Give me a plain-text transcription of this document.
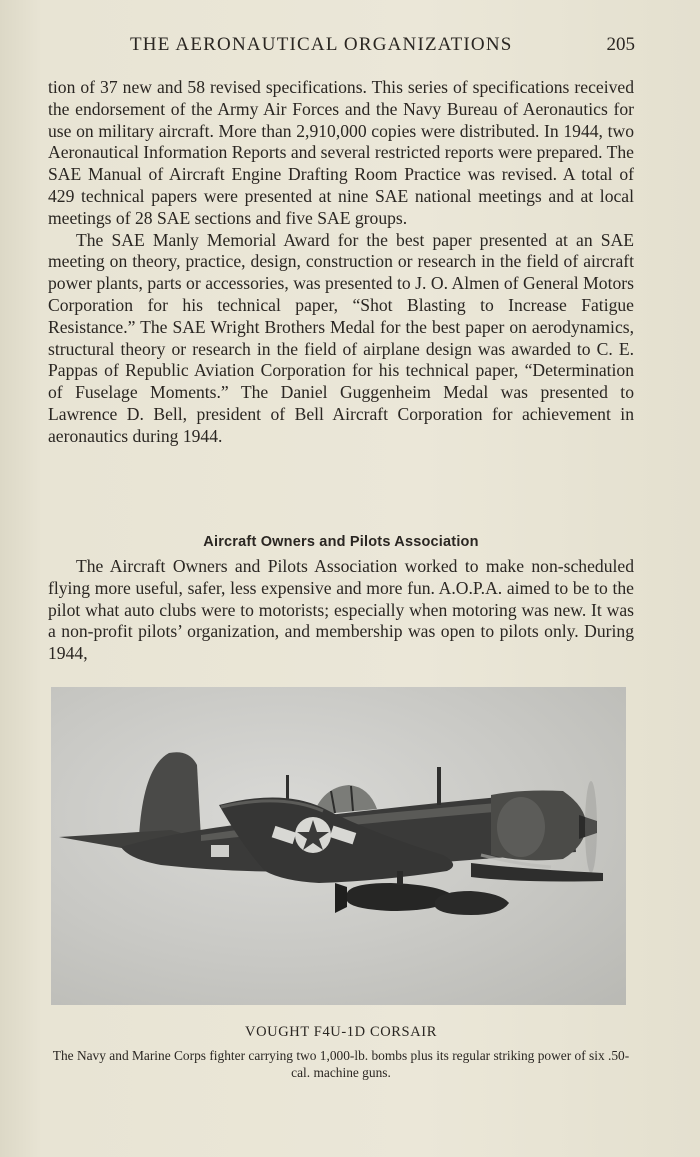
THE AERONAUTICAL ORGANIZATIONS	205

tion of 37 new and 58 revised specifications. This series of specifications received the endorsement of the Army Air Forces and the Navy Bureau of Aeronautics for use on military aircraft. More than 2,910,000 copies were distributed. In 1944, two Aeronautical Information Reports and several restricted reports were prepared. The SAE Manual of Aircraft Engine Drafting Room Practice was revised. A total of 429 technical papers were presented at nine SAE national meetings and at local meetings of 28 SAE sections and five SAE groups.

The SAE Manly Memorial Award for the best paper presented at an SAE meeting on theory, practice, design, construction or research in the field of aircraft power plants, parts or accessories, was presented to J. O. Almen of General Motors Corporation for his technical paper, “Shot Blasting to Increase Fatigue Resistance.” The SAE Wright Brothers Medal for the best paper on aerodynamics, structural theory or research in the field of airplane design was awarded to C. E. Pappas of Republic Aviation Corporation for his technical paper, “Determination of Fuselage Moments.” The Daniel Guggenheim Medal was presented to Lawrence D. Bell, president of Bell Aircraft Corporation for achievement in aeronautics during 1944.

Aircraft Owners and Pilots Association

The Aircraft Owners and Pilots Association worked to make non-scheduled flying more useful, safer, less expensive and more fun. A.O.P.A. aimed to be to the pilot what auto clubs were to motorists; especially when motoring was new. It was a non-profit pilots’ organization, and membership was open to pilots only. During 1944,

VOUGHT F4U-1D CORSAIR
The Navy and Marine Corps fighter carrying two 1,000-lb. bombs plus its regular striking power of six .50-cal. machine guns.
